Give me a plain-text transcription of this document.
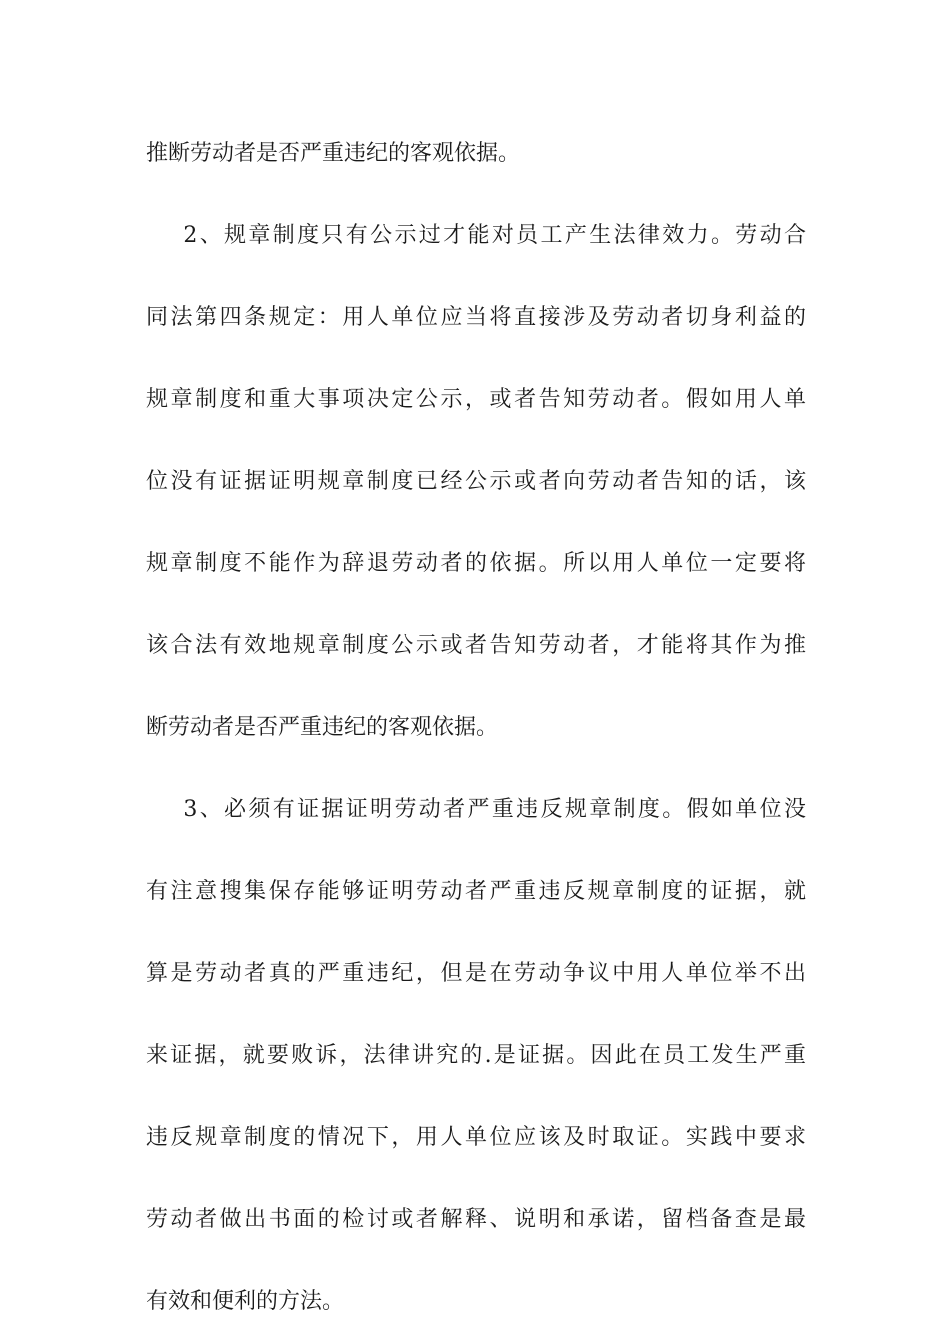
推断劳动者是否严重违纪的客观依据。
2、规章制度只有公示过才能对员工产生法律效力。劳动合
同法第四条规定：用人单位应当将直接涉及劳动者切身利益的
规章制度和重大事项决定公示，或者告知劳动者。假如用人单
位没有证据证明规章制度已经公示或者向劳动者告知的话，该
规章制度不能作为辞退劳动者的依据。所以用人单位一定要将
该合法有效地规章制度公示或者告知劳动者，才能将其作为推
断劳动者是否严重违纪的客观依据。
3、必须有证据证明劳动者严重违反规章制度。假如单位没
有注意搜集保存能够证明劳动者严重违反规章制度的证据，就
算是劳动者真的严重违纪，但是在劳动争议中用人单位举不出
来证据，就要败诉，法律讲究的.是证据。因此在员工发生严重
违反规章制度的情况下，用人单位应该及时取证。实践中要求
劳动者做出书面的检讨或者解释、说明和承诺，留档备查是最
有效和便利的方法。
